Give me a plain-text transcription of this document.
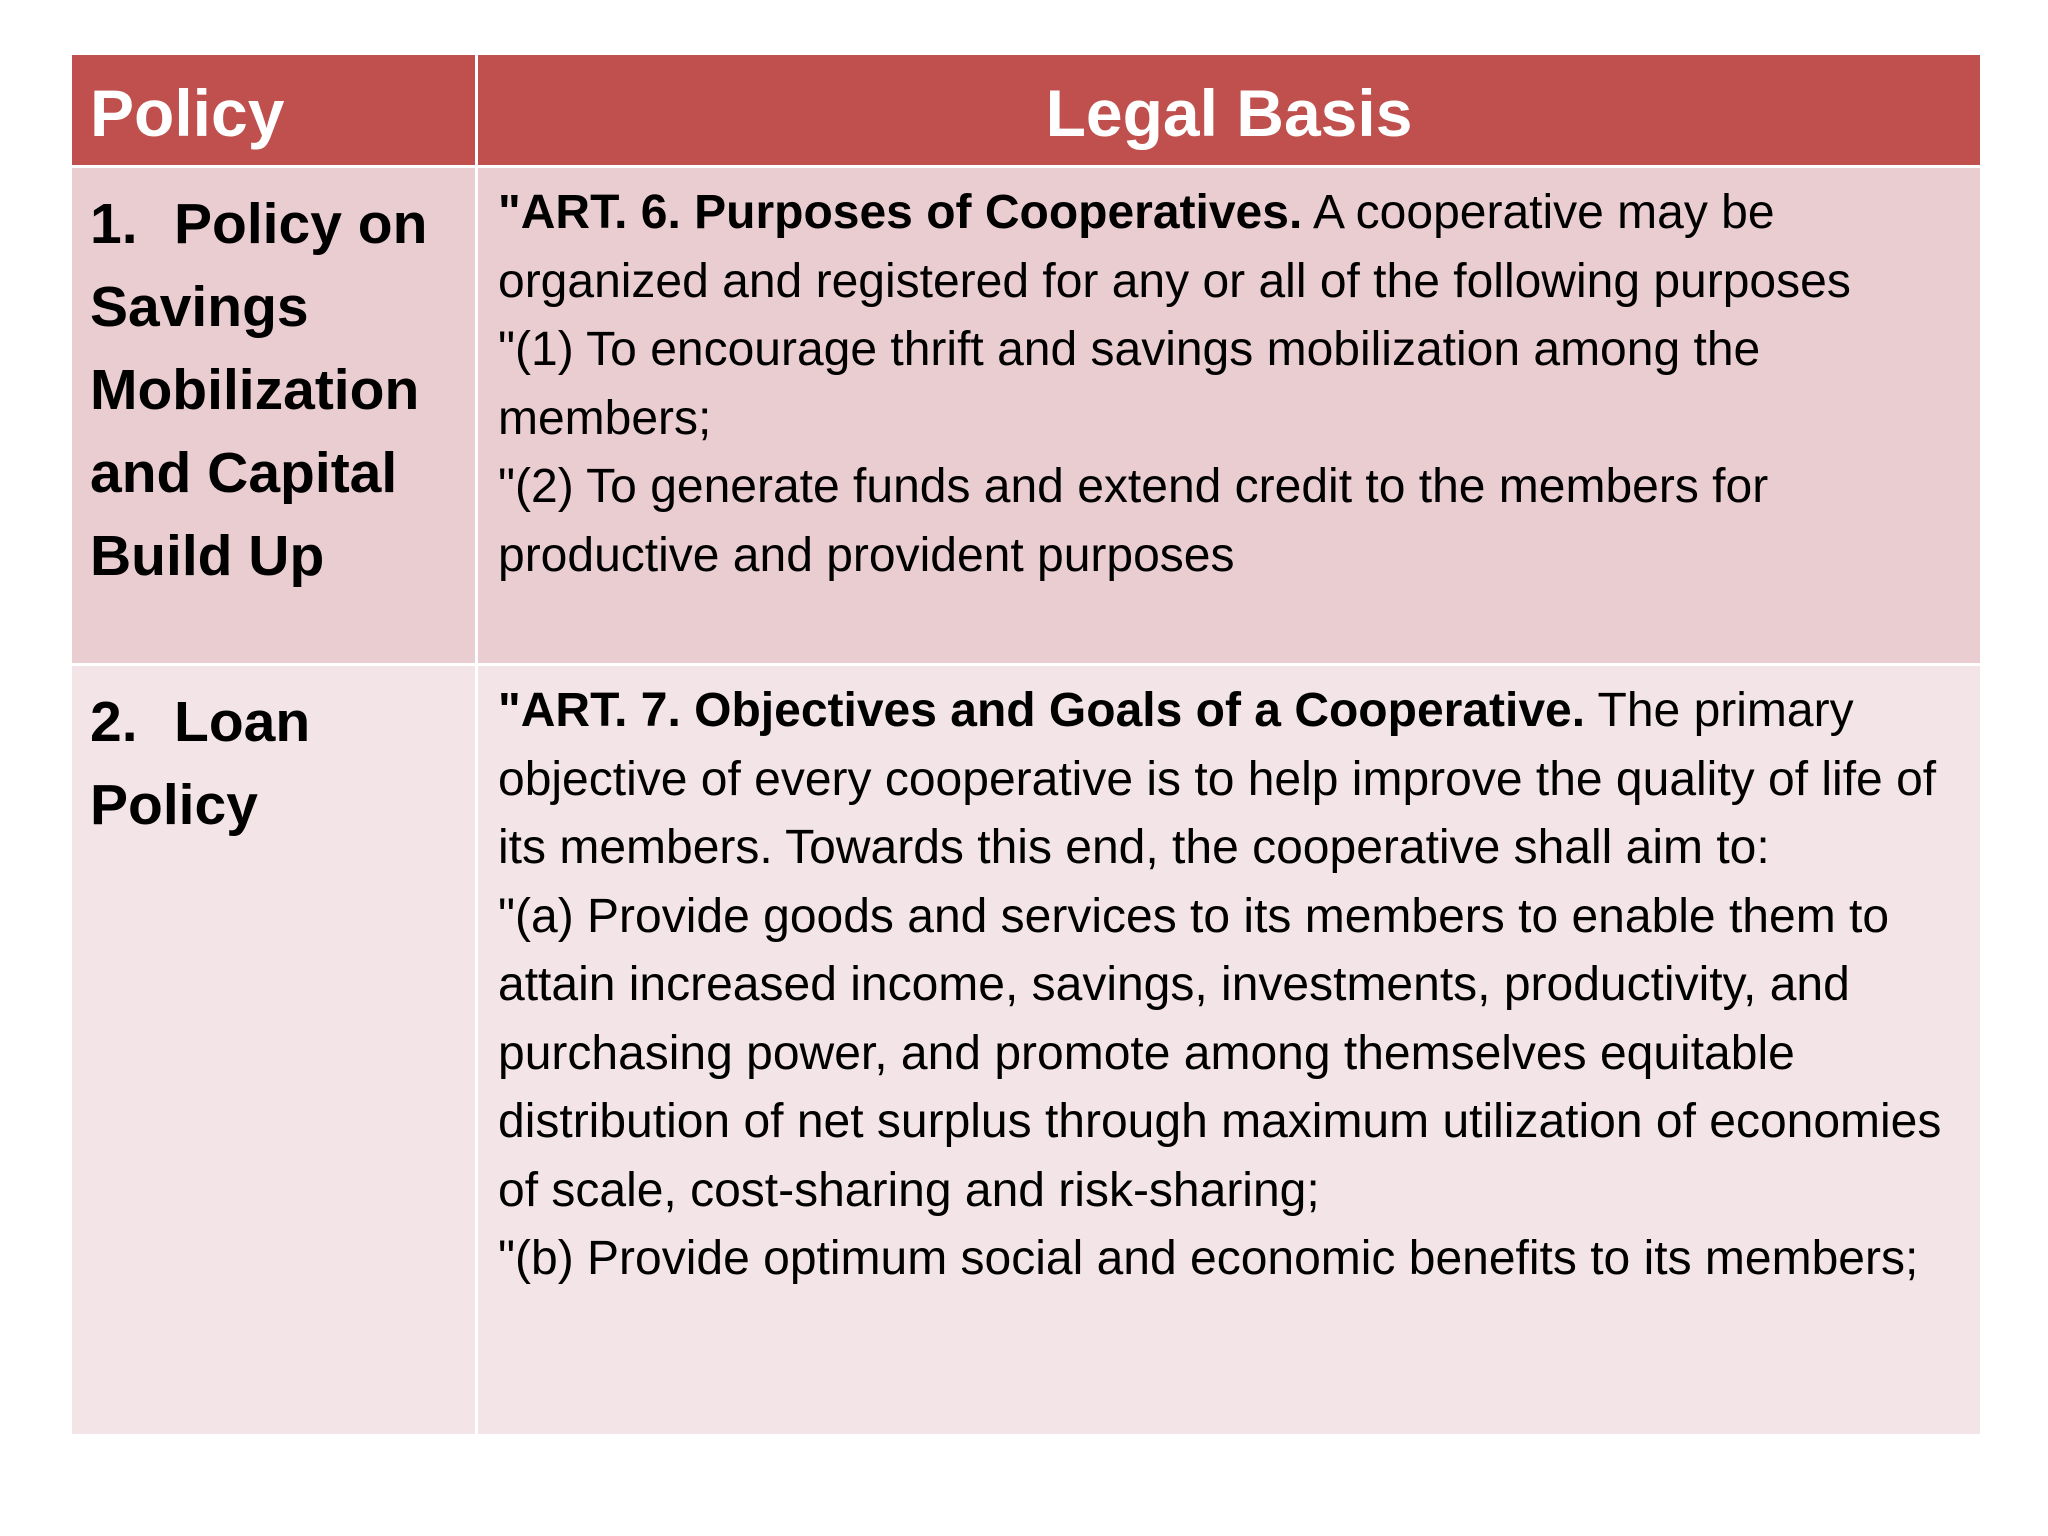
Policy	Legal Basis
1. Policy on Savings Mobilization and Capital Build Up	"ART. 6. Purposes of Cooperatives. A cooperative may be organized and registered for any or all of the following purposes

"(1) To encourage thrift and savings mobilization among the members;

"(2) To generate funds and extend credit to the members for productive and provident purposes

2. Loan Policy	"ART. 7. Objectives and Goals of a Cooperative. The primary objective of every cooperative is to help improve the quality of life of its members. Towards this end, the cooperative shall aim to:

"(a) Provide goods and services to its members to enable them to attain increased income, savings, investments, productivity, and purchasing power, and promote among themselves equitable distribution of net surplus through maximum utilization of economies of scale, cost-sharing and risk-sharing;

"(b) Provide optimum social and economic benefits to its members;
